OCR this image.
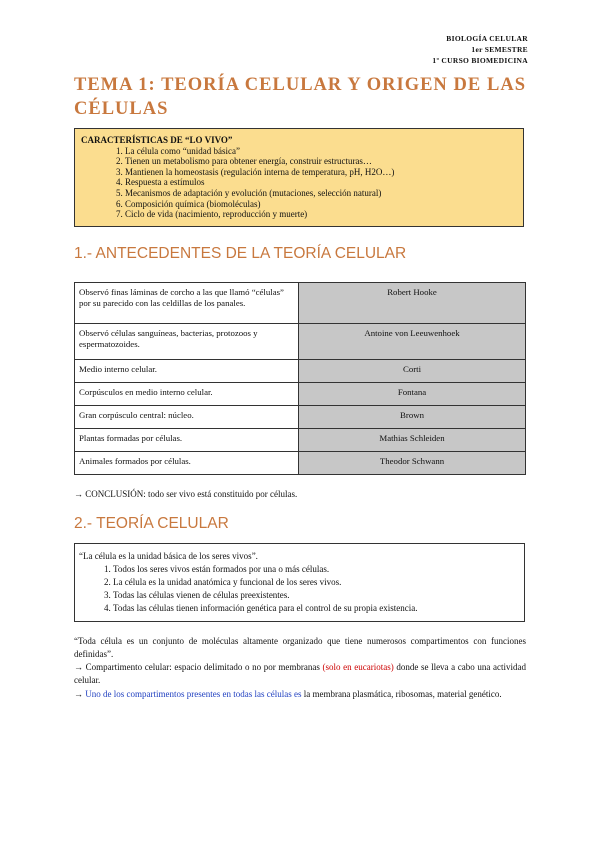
BIOLOGÍA CELULAR
1er SEMESTRE
1º CURSO BIOMEDICINA
TEMA 1: TEORÍA CELULAR Y ORIGEN DE LAS
CÉLULAS
CARACTERÍSTICAS DE “LO VIVO”
1. La célula como “unidad básica”
2. Tienen un metabolismo para obtener energía, construir estructuras…
3. Mantienen la homeostasis (regulación interna de temperatura, pH, H2O…)
4. Respuesta a estímulos
5. Mecanismos de adaptación y evolución (mutaciones, selección natural)
6. Composición química (biomoléculas)
7. Ciclo de vida (nacimiento, reproducción y muerte)
1.- ANTECEDENTES DE LA TEORÍA CELULAR
Observó finas láminas de corcho a las que llamó “células” por su parecido con las celdillas de los panales.	Robert Hooke
Observó células sanguíneas, bacterias, protozoos y espermatozoides.	Antoine von Leeuwenhoek
Medio interno celular.	Corti
Corpúsculos en medio interno celular.	Fontana
Gran corpúsculo central: núcleo.	Brown
Plantas formadas por células.	Mathias Schleiden
Animales formados por células.	Theodor Schwann
→ CONCLUSIÓN: todo ser vivo está constituido por células.
2.- TEORÍA CELULAR
“La célula es la unidad básica de los seres vivos”.
1. Todos los seres vivos están formados por una o más células.
2. La célula es la unidad anatómica y funcional de los seres vivos.
3. Todas las células vienen de células preexistentes.
4. Todas las células tienen información genética para el control de su propia existencia.
“Toda célula es un conjunto de moléculas altamente organizado que tiene numerosos compartimentos con funciones definidas”.
→ Compartimento celular: espacio delimitado o no por membranas (solo en eucariotas) donde se lleva a cabo una actividad celular.
→ Uno de los compartimentos presentes en todas las células es la membrana plasmática, ribosomas, material genético.
